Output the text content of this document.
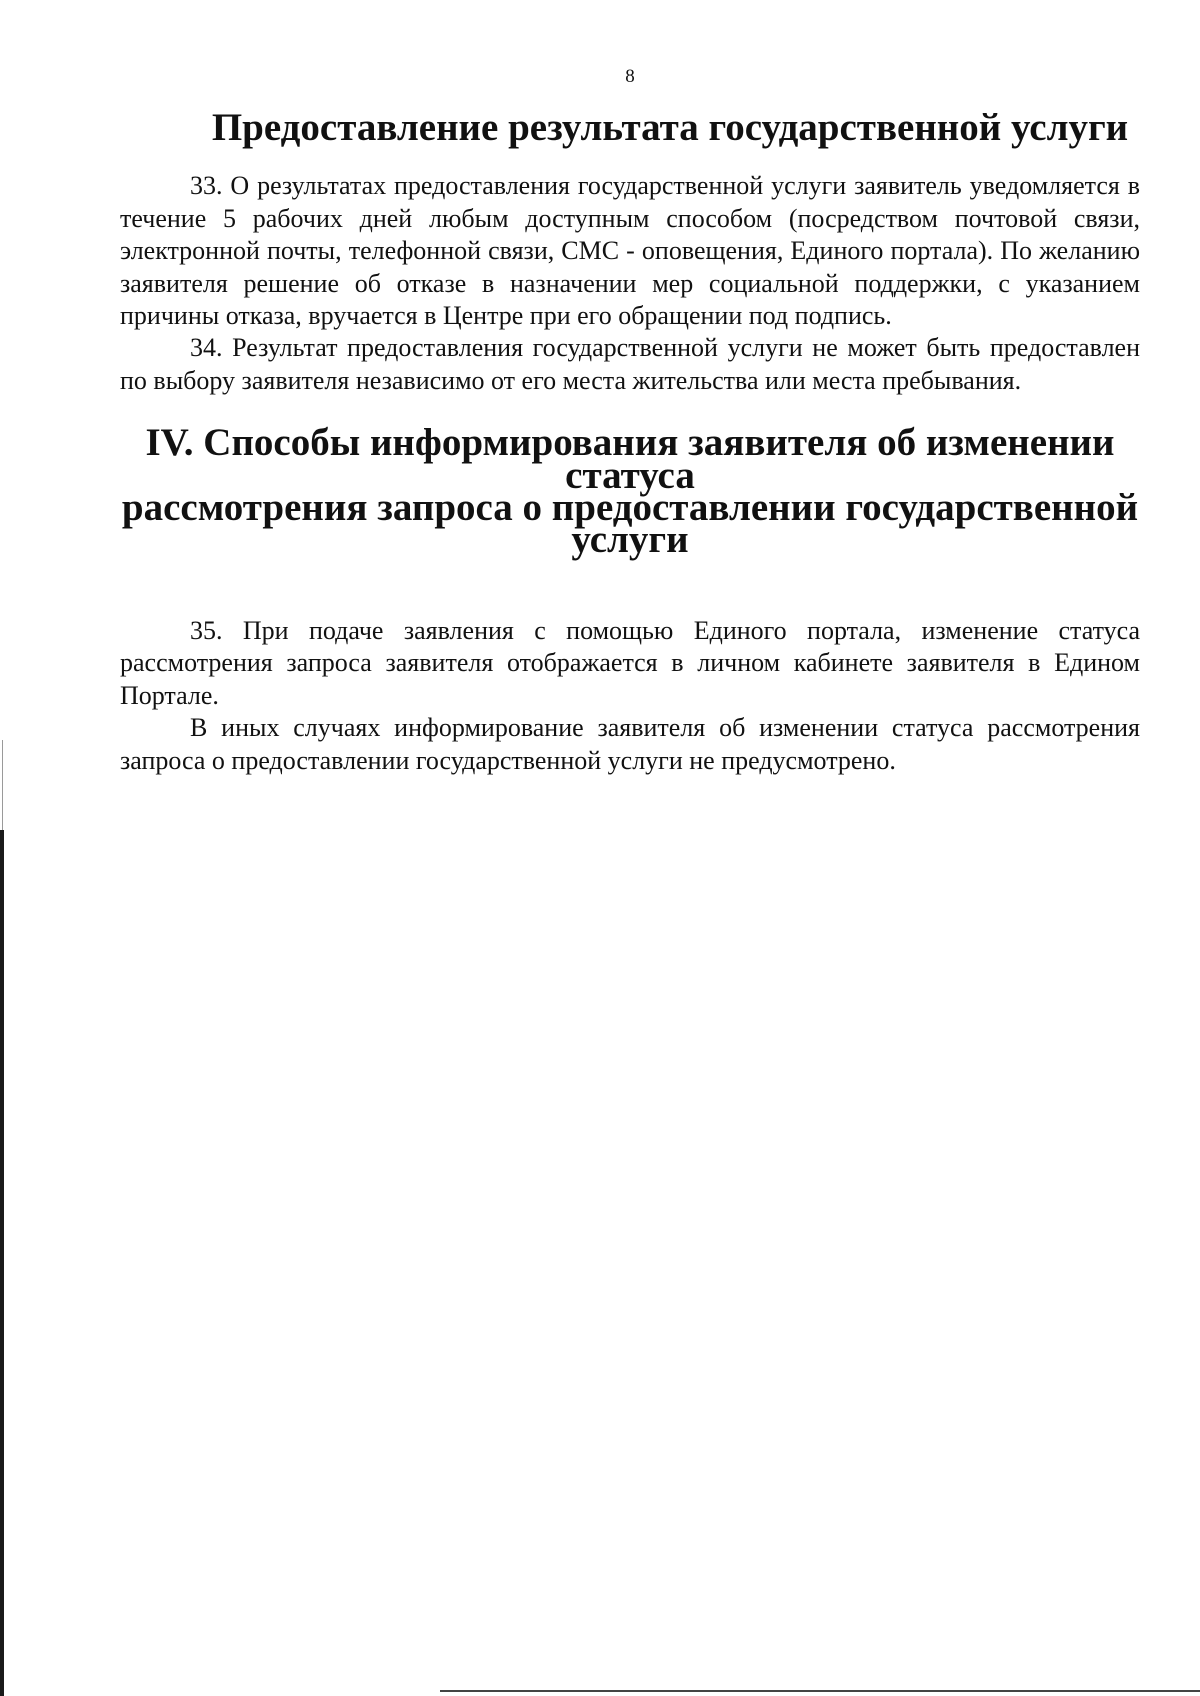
8
Предоставление результата государственной услуги

33. О результатах предоставления государственной услуги заявитель уведомляется в течение 5 рабочих дней любым доступным способом (посредством почтовой связи, электронной почты, телефонной связи, СМС - оповещения, Единого портала). По желанию заявителя решение об отказе в назначении мер социальной поддержки, с указанием причины отказа, вручается в Центре при его обращении под подпись.

34. Результат предоставления государственной услуги не может быть предоставлен по выбору заявителя независимо от его места жительства или места пребывания.

IV. Способы информирования заявителя об изменении статуса
рассмотрения запроса о предоставлении государственной услуги

35. При подаче заявления с помощью Единого портала, изменение статуса рассмотрения запроса заявителя отображается в личном кабинете заявителя в Едином Портале.

В иных случаях информирование заявителя об изменении статуса рассмотрения запроса о предоставлении государственной услуги не предусмотрено.
